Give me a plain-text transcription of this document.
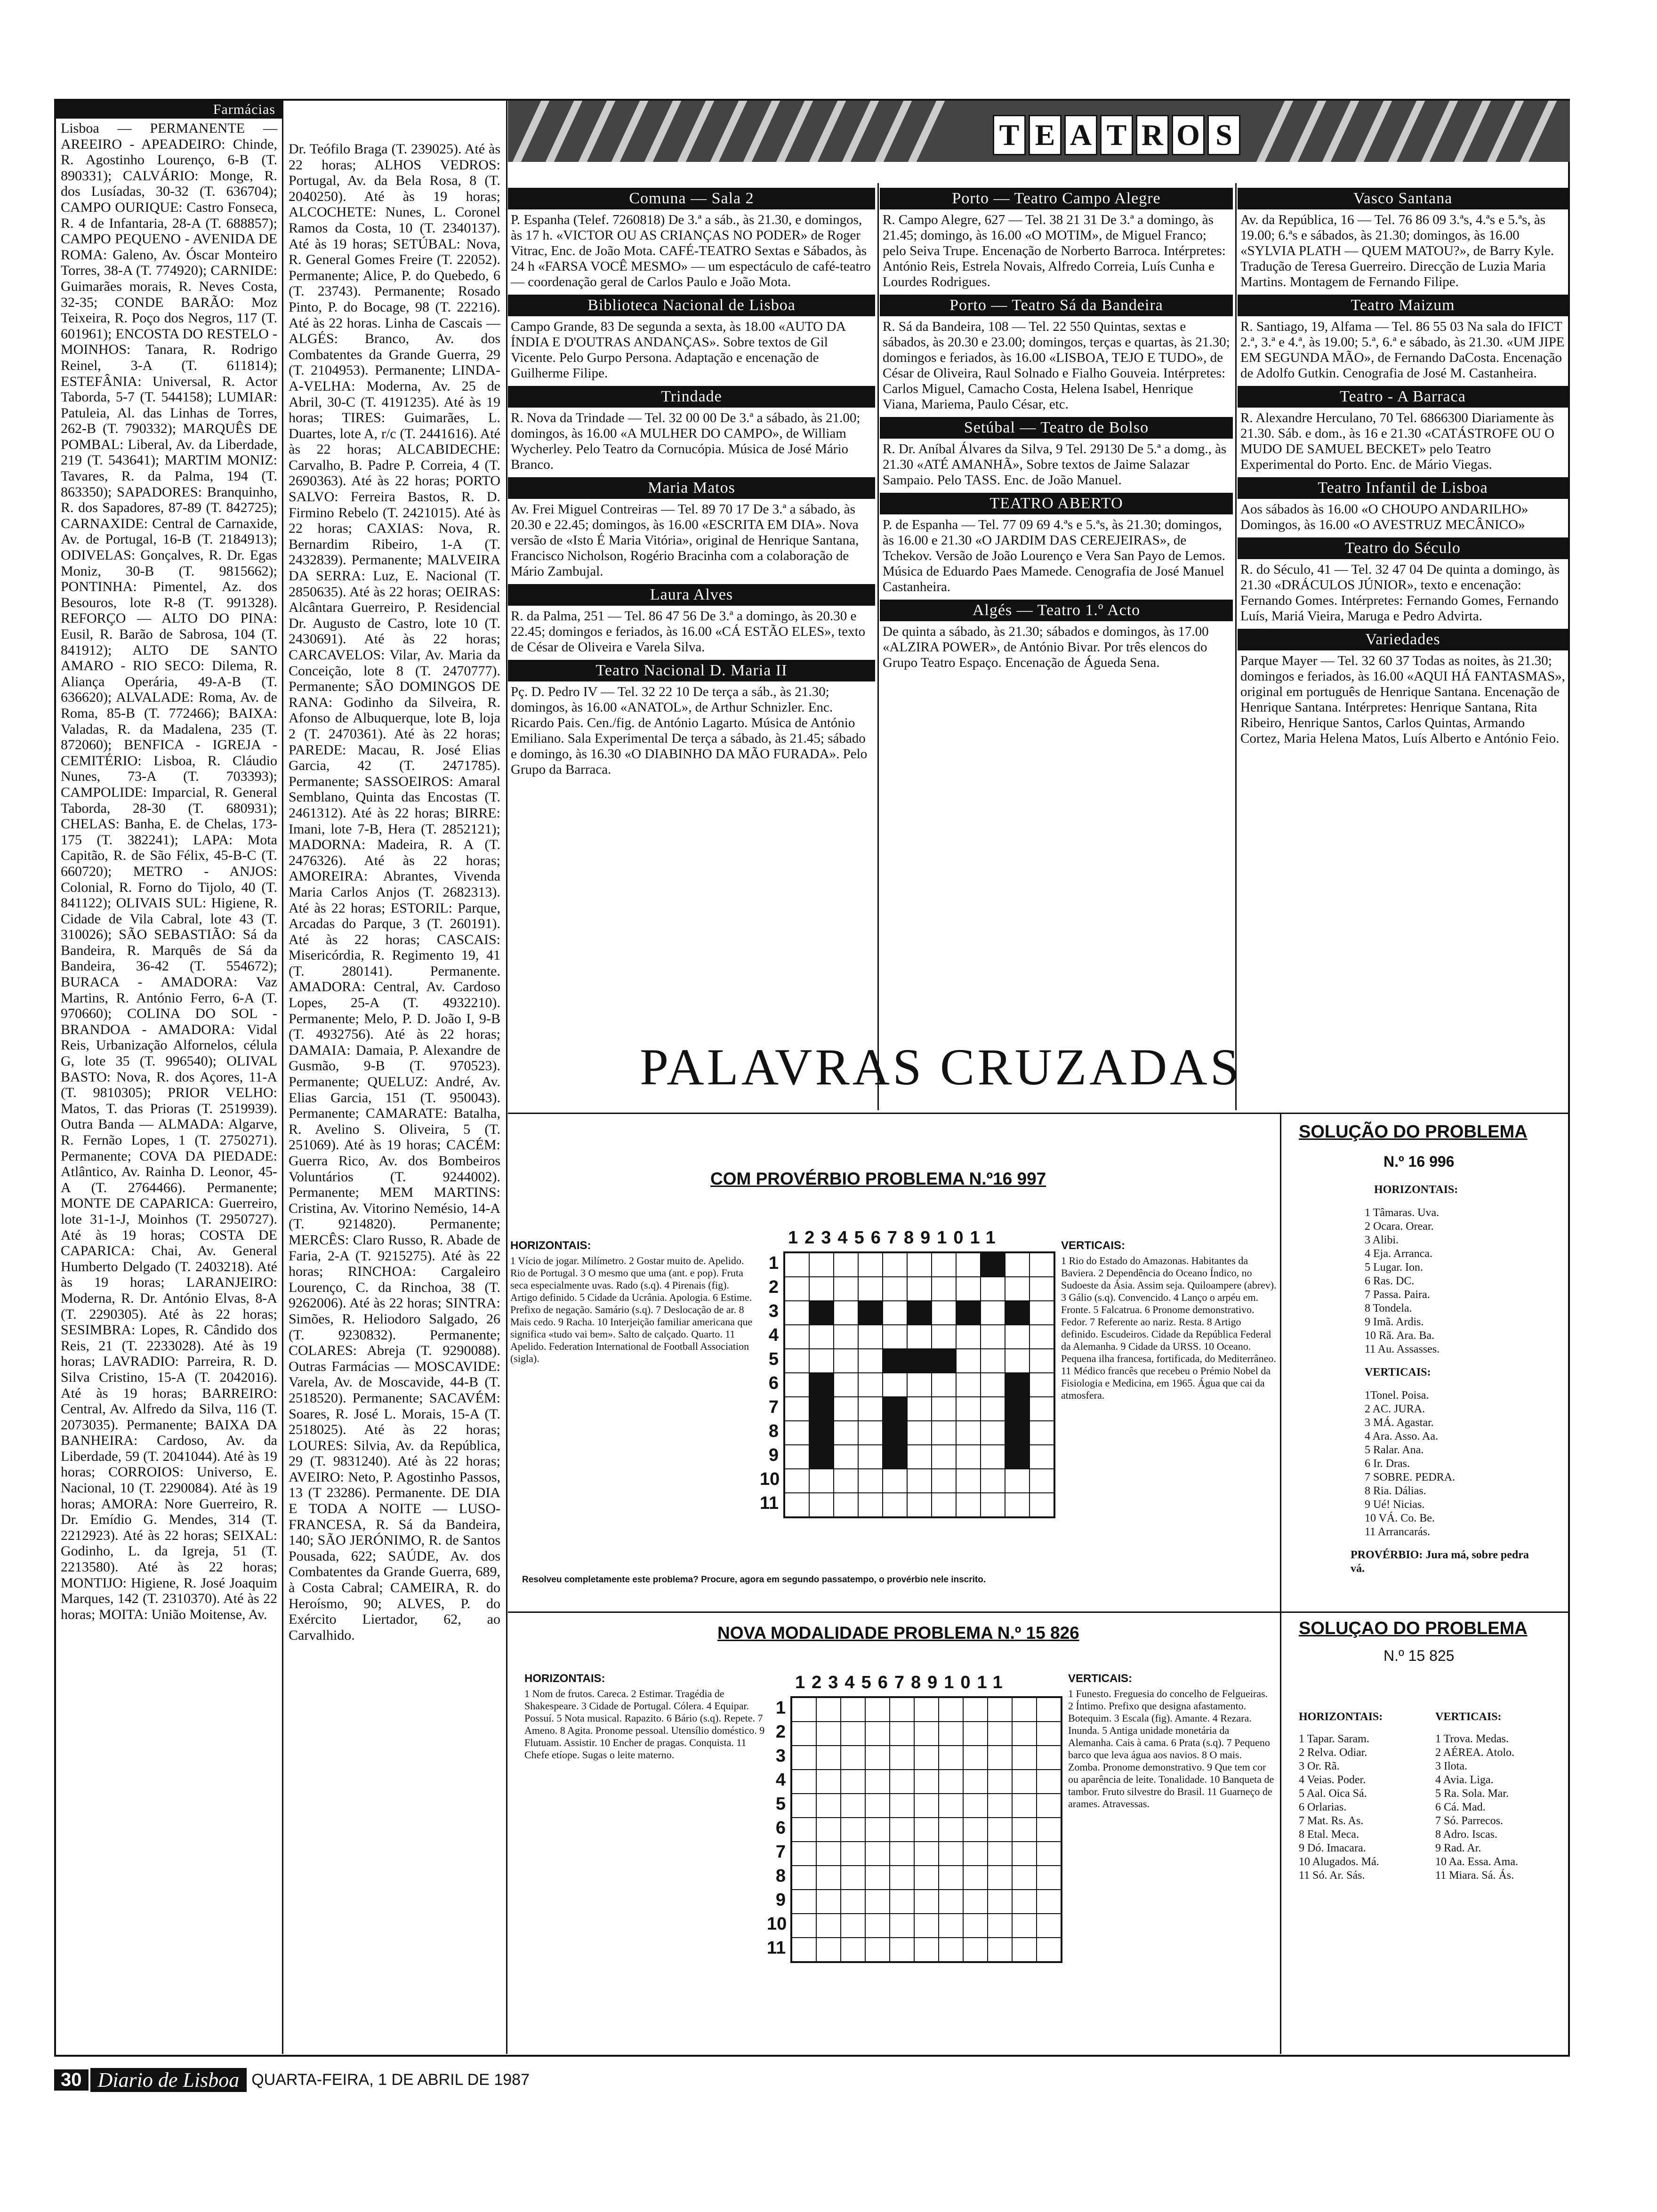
Farmácias
Lisboa — PERMANENTE — AREEIRO - APEADEIRO: Chinde, R. Agostinho Lourenço, 6-B (T. 890331); CALVÁRIO: Monge, R. dos Lusíadas, 30-32 (T. 636704); CAMPO OURIQUE: Castro Fonseca, R. 4 de Infantaria, 28-A (T. 688857); CAMPO PEQUENO - AVENIDA DE ROMA: Galeno, Av. Óscar Monteiro Torres, 38-A (T. 774920); CARNIDE: Guimarães morais, R. Neves Costa, 32-35; CONDE BARÃO: Moz Teixeira, R. Poço dos Negros, 117 (T. 601961); ENCOSTA DO RESTELO - MOINHOS: Tanara, R. Rodrigo Reinel, 3-A (T. 611814); ESTEFÂNIA: Universal, R. Actor Taborda, 5-7 (T. 544158); LUMIAR: Patuleia, Al. das Linhas de Torres, 262-B (T. 790332); MARQUÊS DE POMBAL: Liberal, Av. da Liberdade, 219 (T. 543641); MARTIM MONIZ: Tavares, R. da Palma, 194 (T. 863350); SAPADORES: Branquinho, R. dos Sapadores, 87-89 (T. 842725); CARNAXIDE: Central de Carnaxide, Av. de Portugal, 16-B (T. 2184913); ODIVELAS: Gonçalves, R. Dr. Egas Moniz, 30-B (T. 9815662); PONTINHA: Pimentel, Az. dos Besouros, lote R-8 (T. 991328). REFORÇO — ALTO DO PINA: Eusil, R. Barão de Sabrosa, 104 (T. 841912); ALTO DE SANTO AMARO - RIO SECO: Dilema, R. Aliança Operária, 49-A-B (T. 636620); ALVALADE: Roma, Av. de Roma, 85-B (T. 772466); BAIXA: Valadas, R. da Madalena, 235 (T. 872060); BENFICA - IGREJA - CEMITÉRIO: Lisboa, R. Cláudio Nunes, 73-A (T. 703393); CAMPOLIDE: Imparcial, R. General Taborda, 28-30 (T. 680931); CHELAS: Banha, E. de Chelas, 173-175 (T. 382241); LAPA: Mota Capitão, R. de São Félix, 45-B-C (T. 660720); METRO - ANJOS: Colonial, R. Forno do Tijolo, 40 (T. 841122); OLIVAIS SUL: Higiene, R. Cidade de Vila Cabral, lote 43 (T. 310026); SÃO SEBASTIÃO: Sá da Bandeira, R. Marquês de Sá da Bandeira, 36-42 (T. 554672); BURACA - AMADORA: Vaz Martins, R. António Ferro, 6-A (T. 970660); COLINA DO SOL - BRANDOA - AMADORA: Vidal Reis, Urbanização Alfornelos, célula G, lote 35 (T. 996540); OLIVAL BASTO: Nova, R. dos Açores, 11-A (T. 9810305); PRIOR VELHO: Matos, T. das Prioras (T. 2519939). Outra Banda — ALMADA: Algarve, R. Fernão Lopes, 1 (T. 2750271). Permanente; COVA DA PIEDADE: Atlântico, Av. Rainha D. Leonor, 45-A (T. 2764466). Permanente; MONTE DE CAPARICA: Guerreiro, lote 31-1-J, Moinhos (T. 2950727). Até às 19 horas; COSTA DE CAPARICA: Chai, Av. General Humberto Delgado (T. 2403218). Até às 19 horas; LARANJEIRO: Moderna, R. Dr. António Elvas, 8-A (T. 2290305). Até às 22 horas; SESIMBRA: Lopes, R. Cândido dos Reis, 21 (T. 2233028). Até às 19 horas; LAVRADIO: Parreira, R. D. Silva Cristino, 15-A (T. 2042016). Até às 19 horas; BARREIRO: Central, Av. Alfredo da Silva, 116 (T. 2073035). Permanente; BAIXA DA BANHEIRA: Cardoso, Av. da Liberdade, 59 (T. 2041044). Até às 19 horas; CORROIOS: Universo, E. Nacional, 10 (T. 2290084). Até às 19 horas; AMORA: Nore Guerreiro, R. Dr. Emídio G. Mendes, 314 (T. 2212923). Até às 22 horas; SEIXAL: Godinho, L. da Igreja, 51 (T. 2213580). Até às 22 horas; MONTIJO: Higiene, R. José Joaquim Marques, 142 (T. 2310370). Até às 22 horas; MOITA: União Moitense, Av.
Dr. Teófilo Braga (T. 239025). Até às 22 horas; ALHOS VEDROS: Portugal, Av. da Bela Rosa, 8 (T. 2040250). Até às 19 horas; ALCOCHETE: Nunes, L. Coronel Ramos da Costa, 10 (T. 2340137). Até às 19 horas; SETÚBAL: Nova, R. General Gomes Freire (T. 22052). Permanente; Alice, P. do Quebedo, 6 (T. 23743). Permanente; Rosado Pinto, P. do Bocage, 98 (T. 22216). Até às 22 horas. Linha de Cascais — ALGÉS: Branco, Av. dos Combatentes da Grande Guerra, 29 (T. 2104953). Permanente; LINDA-A-VELHA: Moderna, Av. 25 de Abril, 30-C (T. 4191235). Até às 19 horas; TIRES: Guimarães, L. Duartes, lote A, r/c (T. 2441616). Até às 22 horas; ALCABIDECHE: Carvalho, B. Padre P. Correia, 4 (T. 2690363). Até às 22 horas; PORTO SALVO: Ferreira Bastos, R. D. Firmino Rebelo (T. 2421015). Até às 22 horas; CAXIAS: Nova, R. Bernardim Ribeiro, 1-A (T. 2432839). Permanente; MALVEIRA DA SERRA: Luz, E. Nacional (T. 2850635). Até às 22 horas; OEIRAS: Alcântara Guerreiro, P. Residencial Dr. Augusto de Castro, lote 10 (T. 2430691). Até às 22 horas; CARCAVELOS: Vilar, Av. Maria da Conceição, lote 8 (T. 2470777). Permanente; SÃO DOMINGOS DE RANA: Godinho da Silveira, R. Afonso de Albuquerque, lote B, loja 2 (T. 2470361). Até às 22 horas; PAREDE: Macau, R. José Elias Garcia, 42 (T. 2471785). Permanente; SASSOEIROS: Amaral Semblano, Quinta das Encostas (T. 2461312). Até às 22 horas; BIRRE: Imani, lote 7-B, Hera (T. 2852121); MADORNA: Madeira, R. A (T. 2476326). Até às 22 horas; AMOREIRA: Abrantes, Vivenda Maria Carlos Anjos (T. 2682313). Até às 22 horas; ESTORIL: Parque, Arcadas do Parque, 3 (T. 260191). Até às 22 horas; CASCAIS: Misericórdia, R. Regimento 19, 41 (T. 280141). Permanente. AMADORA: Central, Av. Cardoso Lopes, 25-A (T. 4932210). Permanente; Melo, P. D. João I, 9-B (T. 4932756). Até às 22 horas; DAMAIA: Damaia, P. Alexandre de Gusmão, 9-B (T. 970523). Permanente; QUELUZ: André, Av. Elias Garcia, 151 (T. 950043). Permanente; CAMARATE: Batalha, R. Avelino S. Oliveira, 5 (T. 251069). Até às 19 horas; CACÉM: Guerra Rico, Av. dos Bombeiros Voluntários (T. 9244002). Permanente; MEM MARTINS: Cristina, Av. Vitorino Nemésio, 14-A (T. 9214820). Permanente; MERCÊS: Claro Russo, R. Abade de Faria, 2-A (T. 9215275). Até às 22 horas; RINCHOA: Cargaleiro Lourenço, C. da Rinchoa, 38 (T. 9262006). Até às 22 horas; SINTRA: Simões, R. Heliodoro Salgado, 26 (T. 9230832). Permanente; COLARES: Abreja (T. 9290088). Outras Farmácias — MOSCAVIDE: Varela, Av. de Moscavide, 44-B (T. 2518520). Permanente; SACAVÉM: Soares, R. José L. Morais, 15-A (T. 2518025). Até às 22 horas; LOURES: Silvia, Av. da República, 29 (T. 9831240). Até às 22 horas; AVEIRO: Neto, P. Agostinho Passos, 13 (T 23286). Permanente. DE DIA E TODA A NOITE — LUSO-FRANCESA, R. Sá da Bandeira, 140; SÃO JERÓNIMO, R. de Santos Pousada, 622; SAÚDE, Av. dos Combatentes da Grande Guerra, 689, à Costa Cabral; CAMEIRA, R. do Heroísmo, 90; ALVES, P. do Exército Liertador, 62, ao Carvalhido.
T E A T R O S
Comuna — Sala 2
P. Espanha (Telef. 7260818) De 3.ª a sáb., às 21.30, e domingos, às 17 h. «VICTOR OU AS CRIANÇAS NO PODER» de Roger Vitrac, Enc. de João Mota. CAFÉ-TEATRO Sextas e Sábados, às 24 h «FARSA VOCÊ MESMO» — um espectáculo de café-teatro — coordenação geral de Carlos Paulo e João Mota.
Biblioteca Nacional de Lisboa
Campo Grande, 83 De segunda a sexta, às 18.00 «AUTO DA ÍNDIA E D'OUTRAS ANDANÇAS». Sobre textos de Gil Vicente. Pelo Gurpo Persona. Adaptação e encenação de Guilherme Filipe.
Trindade
R. Nova da Trindade — Tel. 32 00 00 De 3.ª a sábado, às 21.00; domingos, às 16.00 «A MULHER DO CAMPO», de William Wycherley. Pelo Teatro da Cornucópia. Música de José Mário Branco.
Maria Matos
Av. Frei Miguel Contreiras — Tel. 89 70 17 De 3.ª a sábado, às 20.30 e 22.45; domingos, às 16.00 «ESCRITA EM DIA». Nova versão de «Isto É Maria Vitória», original de Henrique Santana, Francisco Nicholson, Rogério Bracinha com a colaboração de Mário Zambujal.
Laura Alves
R. da Palma, 251 — Tel. 86 47 56 De 3.ª a domingo, às 20.30 e 22.45; domingos e feriados, às 16.00 «CÁ ESTÃO ELES», texto de César de Oliveira e Varela Silva.
Teatro Nacional D. Maria II
Pç. D. Pedro IV — Tel. 32 22 10 De terça a sáb., às 21.30; domingos, às 16.00 «ANATOL», de Arthur Schnizler. Enc. Ricardo Pais. Cen./fig. de António Lagarto. Música de António Emiliano. Sala Experimental De terça a sábado, às 21.45; sábado e domingo, às 16.30 «O DIABINHO DA MÃO FURADA». Pelo Grupo da Barraca.
Porto — Teatro Campo Alegre
R. Campo Alegre, 627 — Tel. 38 21 31 De 3.ª a domingo, às 21.45; domingo, às 16.00 «O MOTIM», de Miguel Franco; pelo Seiva Trupe. Encenação de Norberto Barroca. Intérpretes: António Reis, Estrela Novais, Alfredo Correia, Luís Cunha e Lourdes Rodrigues.
Porto — Teatro Sá da Bandeira
R. Sá da Bandeira, 108 — Tel. 22 550 Quintas, sextas e sábados, às 20.30 e 23.00; domingos, terças e quartas, às 21.30; domingos e feriados, às 16.00 «LISBOA, TEJO E TUDO», de César de Oliveira, Raul Solnado e Fialho Gouveia. Intérpretes: Carlos Miguel, Camacho Costa, Helena Isabel, Henrique Viana, Mariema, Paulo César, etc.
Setúbal — Teatro de Bolso
R. Dr. Aníbal Álvares da Silva, 9 Tel. 29130 De 5.ª a domg., às 21.30 «ATÉ AMANHÃ», Sobre textos de Jaime Salazar Sampaio. Pelo TASS. Enc. de João Manuel.
TEATRO ABERTO
P. de Espanha — Tel. 77 09 69 4.ªs e 5.ªs, às 21.30; domingos, às 16.00 e 21.30 «O JARDIM DAS CEREJEIRAS», de Tchekov. Versão de João Lourenço e Vera San Payo de Lemos. Música de Eduardo Paes Mamede. Cenografia de José Manuel Castanheira.
Algés — Teatro 1.º Acto
De quinta a sábado, às 21.30; sábados e domingos, às 17.00 «ALZIRA POWER», de António Bivar. Por três elencos do Grupo Teatro Espaço. Encenação de Águeda Sena.
Vasco Santana
Av. da República, 16 — Tel. 76 86 09 3.ªs, 4.ªs e 5.ªs, às 19.00; 6.ªs e sábados, às 21.30; domingos, às 16.00 «SYLVIA PLATH — QUEM MATOU?», de Barry Kyle. Tradução de Teresa Guerreiro. Direcção de Luzia Maria Martins. Montagem de Fernando Filipe.
Teatro Maizum
R. Santiago, 19, Alfama — Tel. 86 55 03 Na sala do IFICT 2.ª, 3.ª e 4.ª, às 19.00; 5.ª, 6.ª e sábado, às 21.30. «UM JIPE EM SEGUNDA MÃO», de Fernando DaCosta. Encenação de Adolfo Gutkin. Cenografia de José M. Castanheira.
Teatro - A Barraca
R. Alexandre Herculano, 70 Tel. 6866300 Diariamente às 21.30. Sáb. e dom., às 16 e 21.30 «CATÁSTROFE OU O MUDO DE SAMUEL BECKET» pelo Teatro Experimental do Porto. Enc. de Mário Viegas.
Teatro Infantil de Lisboa
Aos sábados às 16.00 «O CHOUPO ANDARILHO» Domingos, às 16.00 «O AVESTRUZ MECÂNICO»
Teatro do Século
R. do Século, 41 — Tel. 32 47 04 De quinta a domingo, às 21.30 «DRÁCULOS JÚNIOR», texto e encenação: Fernando Gomes. Intérpretes: Fernando Gomes, Fernando Luís, Mariá Vieira, Maruga e Pedro Advirta.
Variedades
Parque Mayer — Tel. 32 60 37 Todas as noites, às 21.30; domingos e feriados, às 16.00 «AQUI HÁ FANTASMAS», original em português de Henrique Santana. Encenação de Henrique Santana. Intérpretes: Henrique Santana, Rita Ribeiro, Henrique Santos, Carlos Quintas, Armando Cortez, Maria Helena Matos, Luís Alberto e António Feio.
PALAVRAS CRUZADAS
COM PROVÉRBIO PROBLEMA N.º16 997
HORIZONTAIS:
1 Vício de jogar. Milímetro. 2 Gostar muito de. Apelido. Rio de Portugal. 3 O mesmo que uma (ant. e pop). Fruta seca especialmente uvas. Rado (s.q). 4 Pirenais (fig). Artigo definido. 5 Cidade da Ucrânia. Apologia. 6 Estime. Prefixo de negação. Samário (s.q). 7 Deslocação de ar. 8 Mais cedo. 9 Racha. 10 Interjeição familiar americana que significa «tudo vai bem». Salto de calçado. Quarto. 11 Apelido. Federation International de Football Association (sigla).
1234567891011
1
2
3
4
5
6
7
8
9
10
11
VERTICAIS:
1 Rio do Estado do Amazonas. Habitantes da Baviera. 2 Dependência do Oceano Índico, no Sudoeste da Ásia. Assim seja. Quiloampere (abrev). 3 Gálio (s.q). Convencido. 4 Lanço o arpéu em. Fronte. 5 Falcatrua. 6 Pronome demonstrativo. Fedor. 7 Referente ao nariz. Resta. 8 Artigo definido. Escudeiros. Cidade da República Federal da Alemanha. 9 Cidade da URSS. 10 Oceano. Pequena ilha francesa, fortificada, do Mediterrâneo. 11 Médico francês que recebeu o Prémio Nobel da Fisiologia e Medicina, em 1965. Água que cai da atmosfera.
Resolveu completamente este problema? Procure, agora em segundo passatempo, o provérbio nele inscrito.
SOLUÇÃO DO PROBLEMA
N.º 16 996
HORIZONTAIS:
1 Tâmaras. Uva.
2 Ocara. Orear.
3 Alibi.
4 Eja. Arranca.
5 Lugar. Ion.
6 Ras. DC.
7 Passa. Paira.
8 Tondela.
9 Imã. Ardis.
10 Rã. Ara. Ba.
11 Au. Assasses.
VERTICAIS:
1Tonel. Poisa.
2 AC. JURA.
3 MÁ. Agastar.
4 Ara. Asso. Aa.
5 Ralar. Ana.
6 Ir. Dras.
7 SOBRE. PEDRA.
8 Ria. Dálias.
9 Ué! Nicias.
10 VÁ. Co. Be.
11 Arrancarás.
PROVÉRBIO: Jura má, sobre pedra vá.
NOVA MODALIDADE PROBLEMA N.º 15 826
HORIZONTAIS:
1 Nom de frutos. Careca. 2 Estimar. Tragédia de Shakespeare. 3 Cidade de Portugal. Cólera. 4 Equipar. Possuí. 5 Nota musical. Rapazito. 6 Bário (s.q). Repete. 7 Ameno. 8 Agita. Pronome pessoal. Utensílio doméstico. 9 Flutuam. Assistir. 10 Encher de pragas. Conquista. 11 Chefe etíope. Sugas o leite materno.
1234567891011
1
2
3
4
5
6
7
8
9
10
11
VERTICAIS:
1 Funesto. Freguesia do concelho de Felgueiras. 2 Íntimo. Prefixo que designa afastamento. Botequim. 3 Escala (fig). Amante. 4 Rezara. Inunda. 5 Antiga unidade monetária da Alemanha. Cais à cama. 6 Prata (s.q). 7 Pequeno barco que leva água aos navios. 8 O mais. Zomba. Pronome demonstrativo. 9 Que tem cor ou aparência de leite. Tonalidade. 10 Banqueta de tambor. Fruto silvestre do Brasil. 11 Guarneço de arames. Atravessas.
SOLUÇAO DO PROBLEMA
N.º 15 825
HORIZONTAIS:
1 Tapar. Saram.
2 Relva. Odiar.
3 Or. Rã.
4 Veias. Poder.
5 Aal. Oica Sá.
6 Orlarias.
7 Mat. Rs. As.
8 Etal. Meca.
9 Dó. Imacara.
10 Alugados. Má.
11 Só. Ar. Sás.
VERTICAIS:
1 Trova. Medas.
2 AÉREA. Atolo.
3 Ilota.
4 Avia. Liga.
5 Ra. Sola. Mar.
6 Cá. Mad.
7 Só. Parrecos.
8 Adro. Iscas.
9 Rad. Ar.
10 Aa. Essa. Ama.
11 Miara. Sá. Ás.
30 Diario de Lisboa QUARTA-FEIRA, 1 DE ABRIL DE 1987
